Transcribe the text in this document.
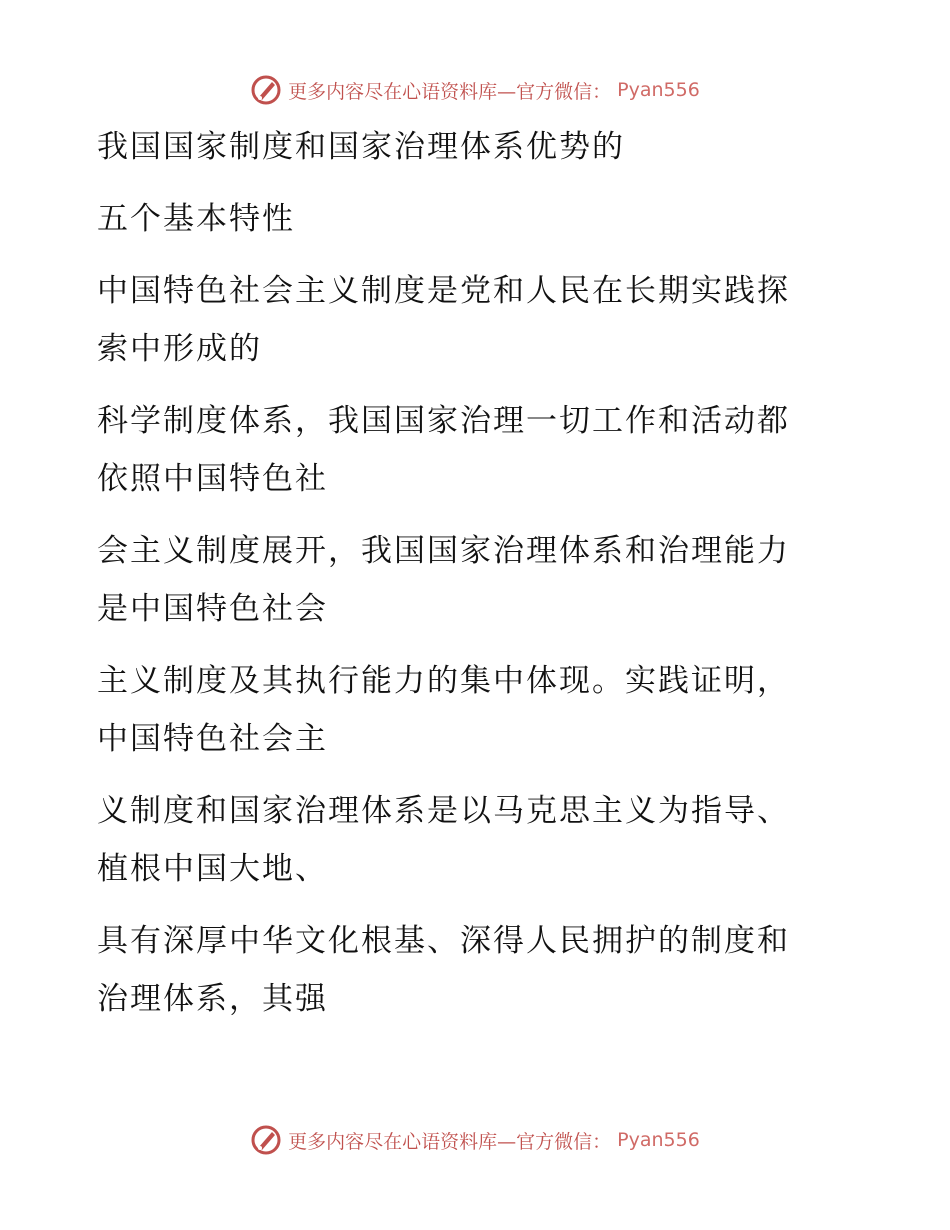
更多内容尽在心语资料库—官方微信： Pyan556
我国国家制度和国家治理体系优势的
五个基本特性
中国特色社会主义制度是党和人民在长期实践探
索中形成的
科学制度体系，我国国家治理一切工作和活动都
依照中国特色社
会主义制度展开，我国国家治理体系和治理能力
是中国特色社会
主义制度及其执行能力的集中体现。实践证明，
中国特色社会主
义制度和国家治理体系是以马克思主义为指导、
植根中国大地、
具有深厚中华文化根基、深得人民拥护的制度和
治理体系，其强
更多内容尽在心语资料库—官方微信： Pyan556
